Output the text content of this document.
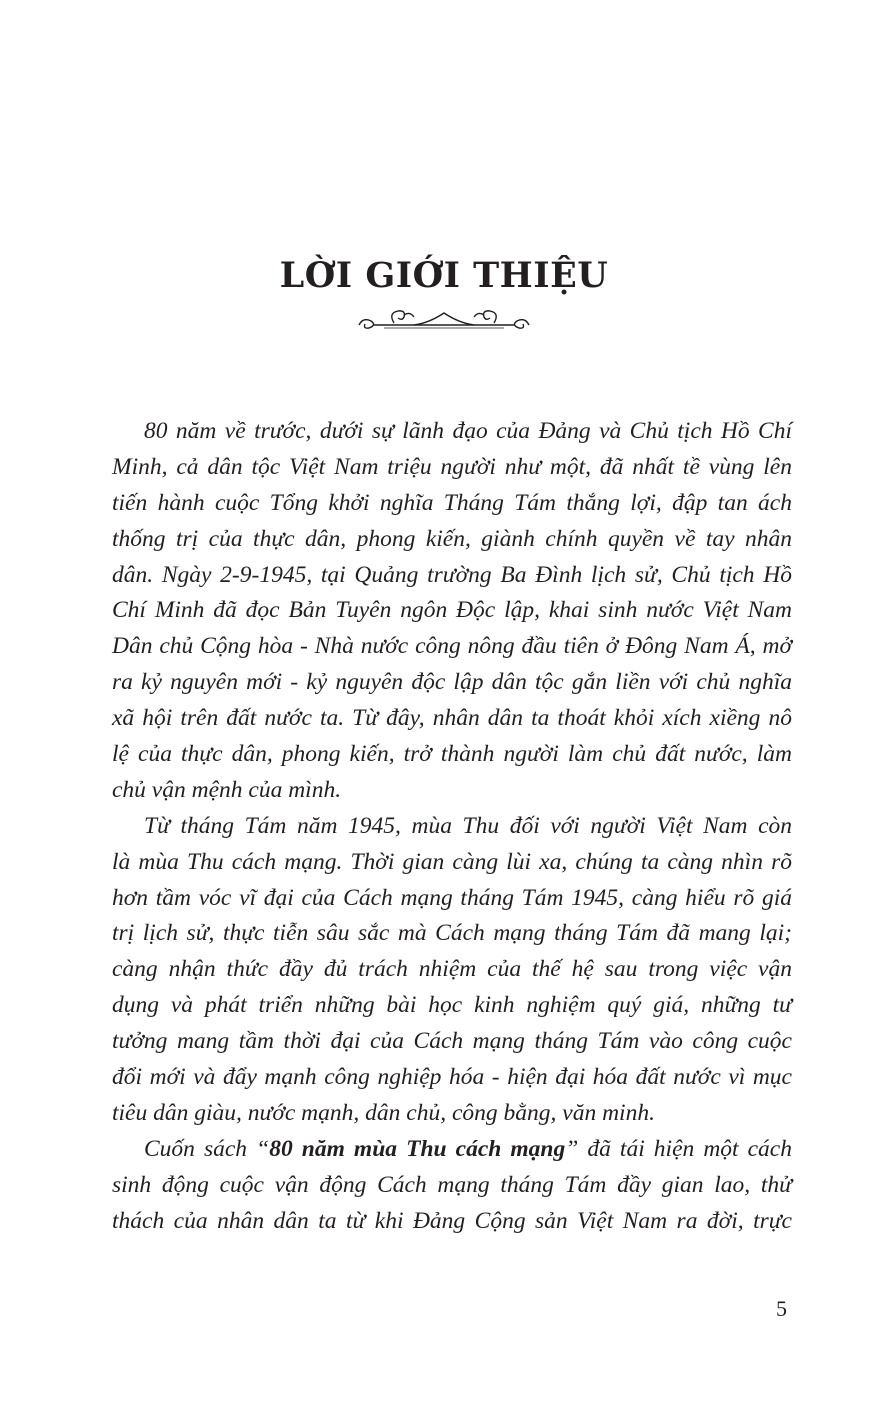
LỜI GIỚI THIỆU
80 năm về trước, dưới sự lãnh đạo của Đảng và Chủ tịch Hồ Chí
Minh, cả dân tộc Việt Nam triệu người như một, đã nhất tề vùng lên
tiến hành cuộc Tổng khởi nghĩa Tháng Tám thắng lợi, đập tan ách
thống trị của thực dân, phong kiến, giành chính quyền về tay nhân
dân. Ngày 2-9-1945, tại Quảng trường Ba Đình lịch sử, Chủ tịch Hồ
Chí Minh đã đọc Bản Tuyên ngôn Độc lập, khai sinh nước Việt Nam
Dân chủ Cộng hòa - Nhà nước công nông đầu tiên ở Đông Nam Á, mở
ra kỷ nguyên mới - kỷ nguyên độc lập dân tộc gắn liền với chủ nghĩa
xã hội trên đất nước ta. Từ đây, nhân dân ta thoát khỏi xích xiềng nô
lệ của thực dân, phong kiến, trở thành người làm chủ đất nước, làm
chủ vận mệnh của mình.
Từ tháng Tám năm 1945, mùa Thu đối với người Việt Nam còn
là mùa Thu cách mạng. Thời gian càng lùi xa, chúng ta càng nhìn rõ
hơn tầm vóc vĩ đại của Cách mạng tháng Tám 1945, càng hiểu rõ giá
trị lịch sử, thực tiễn sâu sắc mà Cách mạng tháng Tám đã mang lại;
càng nhận thức đầy đủ trách nhiệm của thế hệ sau trong việc vận
dụng và phát triển những bài học kinh nghiệm quý giá, những tư
tưởng mang tầm thời đại của Cách mạng tháng Tám vào công cuộc
đổi mới và đẩy mạnh công nghiệp hóa - hiện đại hóa đất nước vì mục
tiêu dân giàu, nước mạnh, dân chủ, công bằng, văn minh.
Cuốn sách “80 năm mùa Thu cách mạng” đã tái hiện một cách
sinh động cuộc vận động Cách mạng tháng Tám đầy gian lao, thử
thách của nhân dân ta từ khi Đảng Cộng sản Việt Nam ra đời, trực
5
